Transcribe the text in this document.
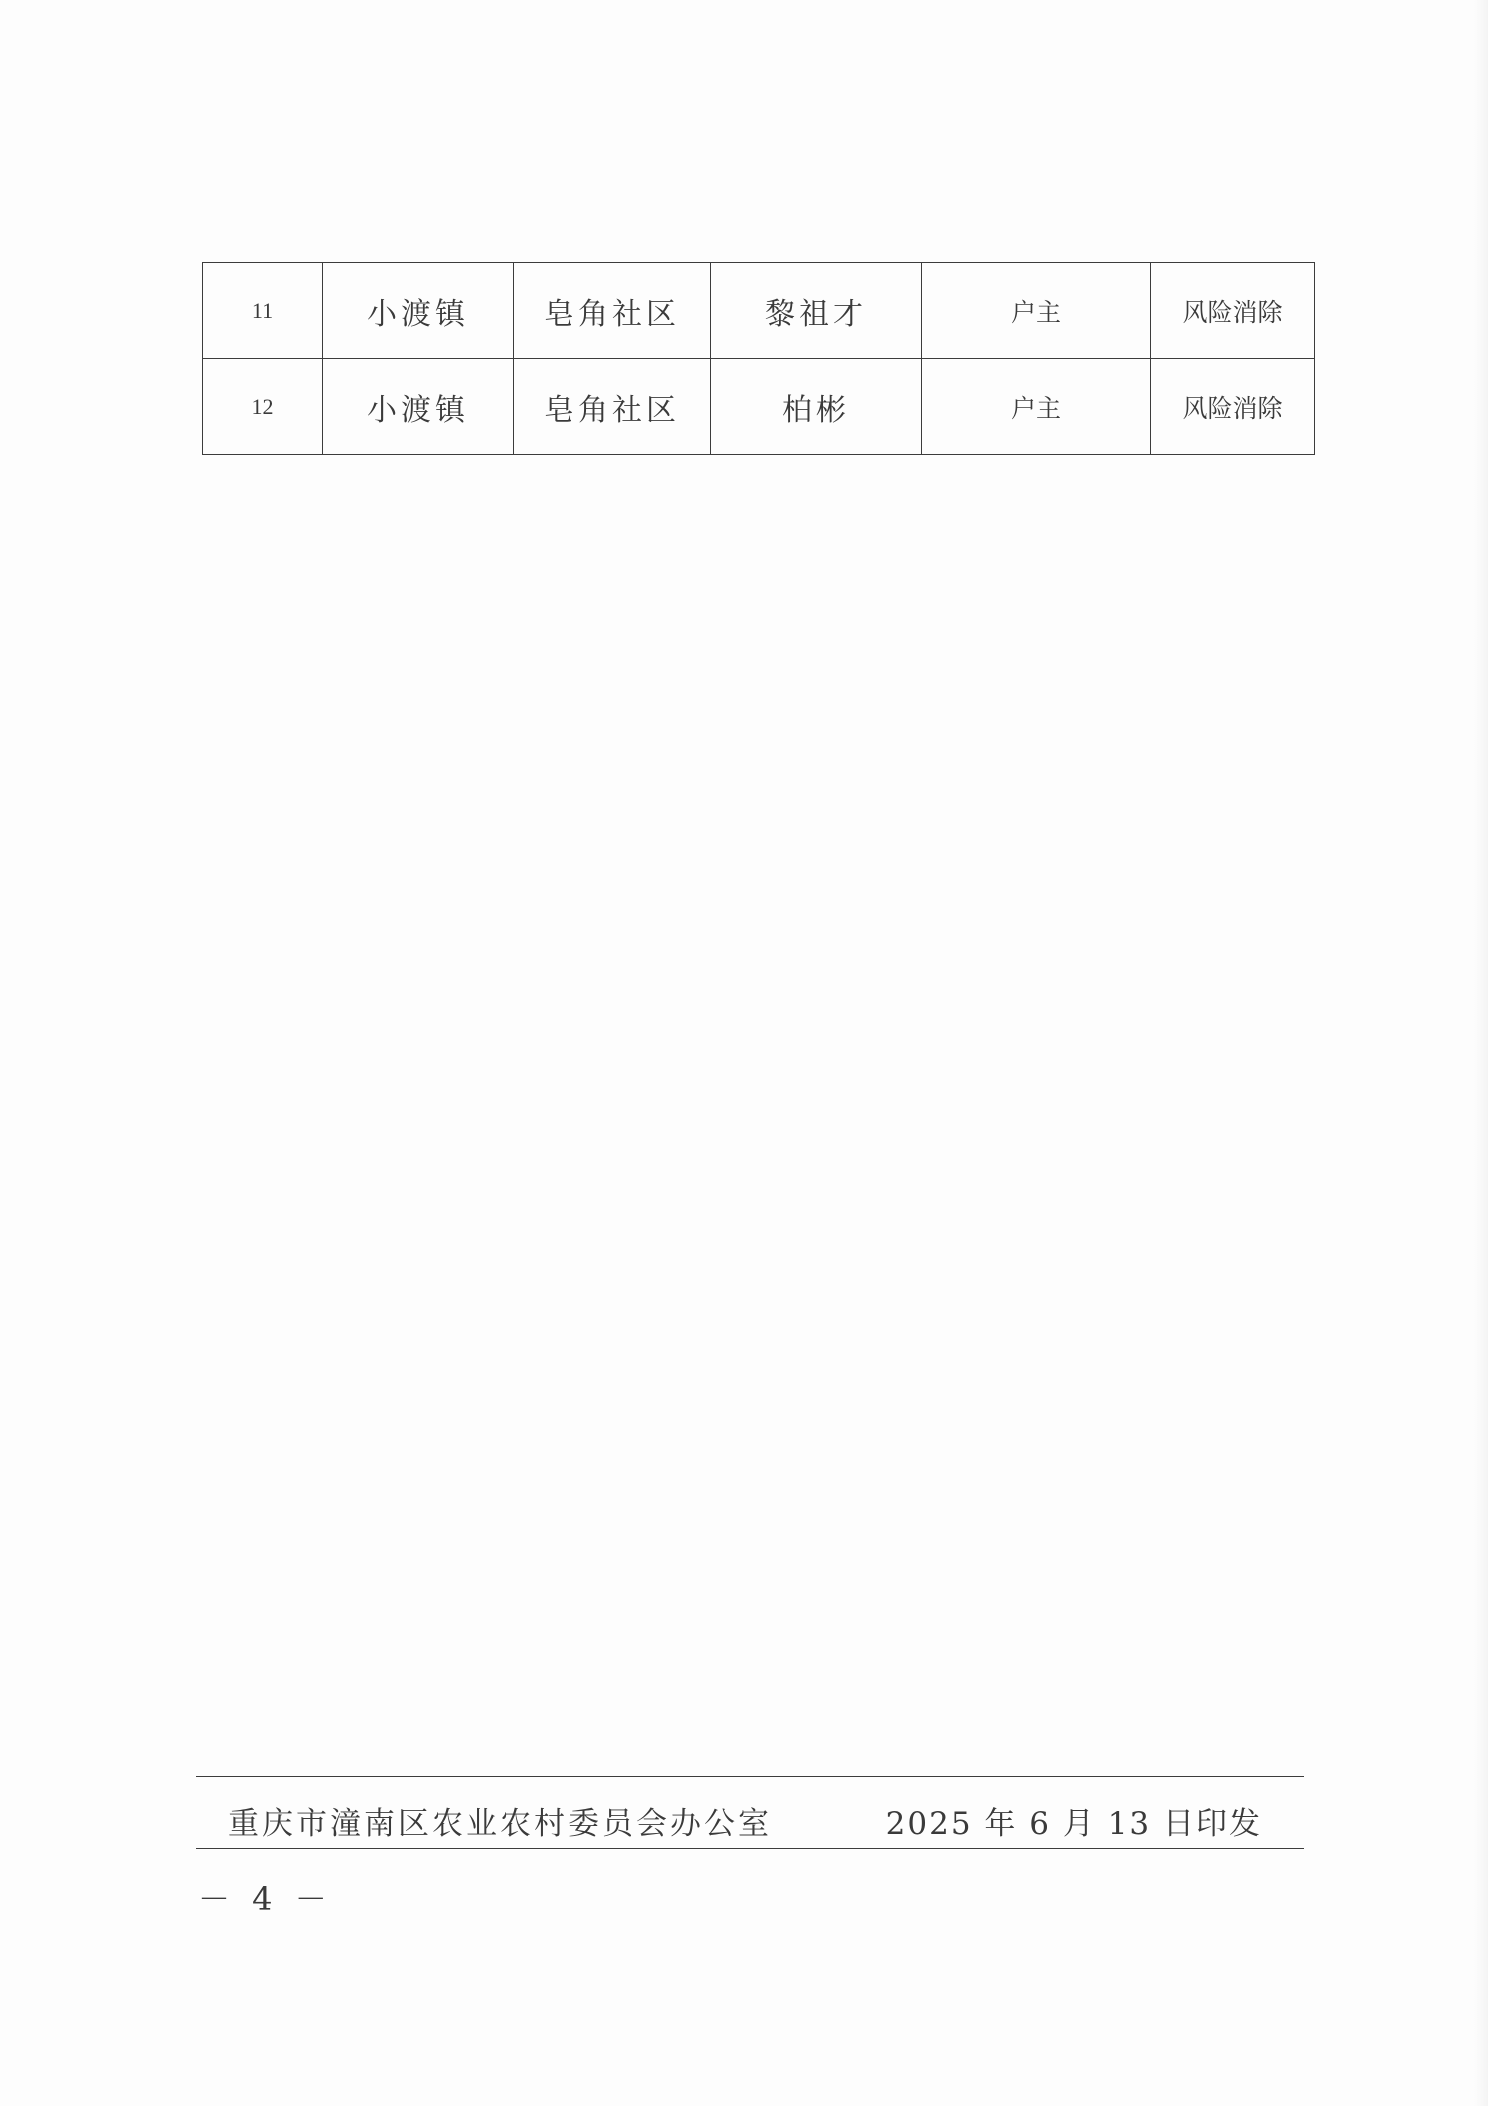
11	小渡镇	皂角社区	黎祖才	户主	风险消除
12	小渡镇	皂角社区	柏彬	户主	风险消除
重庆市潼南区农业农村委员会办公室	2025 年 6 月 13 日印发
－ 4 －
